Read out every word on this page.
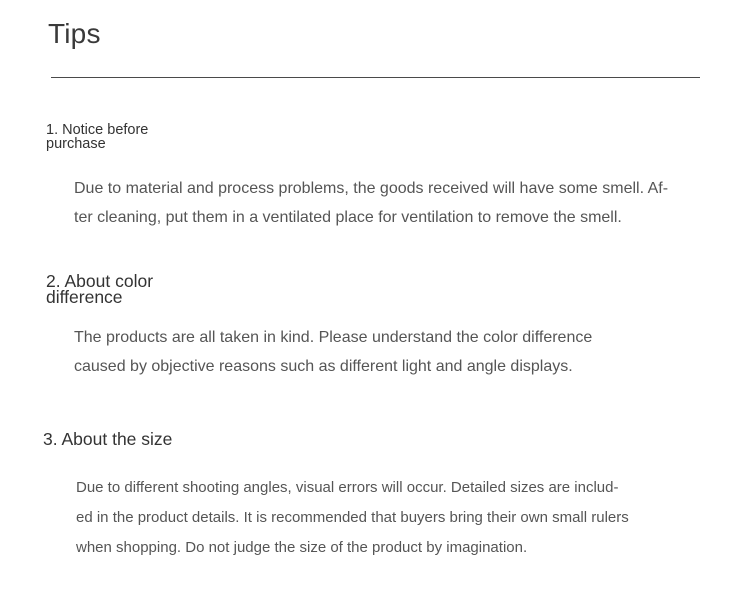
Tips
1. Notice before
purchase
Due to material and process problems, the goods received will have some smell. Af-
ter cleaning, put them in a ventilated place for ventilation to remove the smell.
2. About color
difference
The products are all taken in kind. Please understand the color difference
caused by objective reasons such as different light and angle displays.
3. About the size
Due to different shooting angles, visual errors will occur. Detailed sizes are includ-
ed in the product details. It is recommended that buyers bring their own small rulers
when shopping. Do not judge the size of the product by imagination.
